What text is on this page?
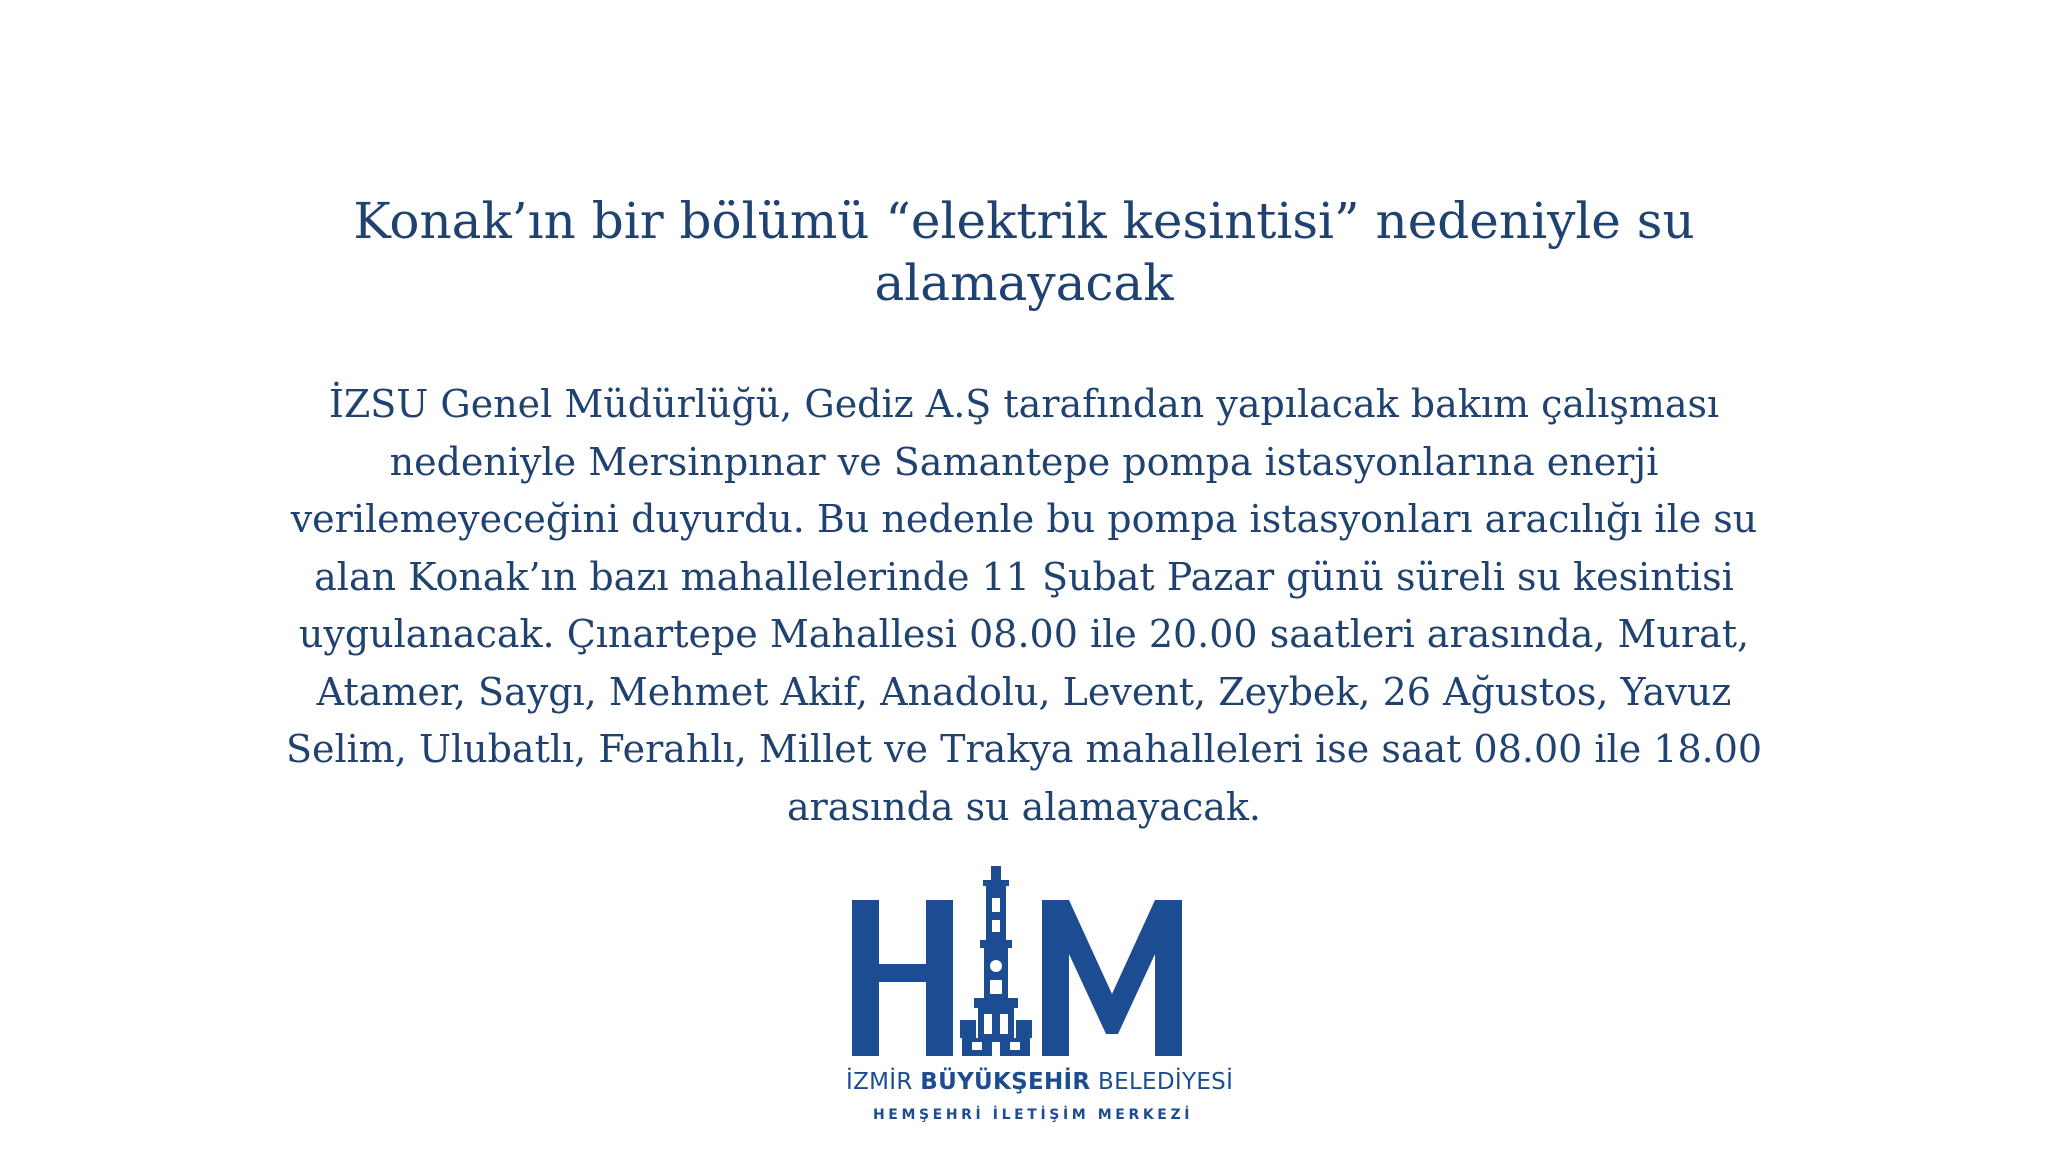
Konak’ın bir bölümü “elektrik kesintisi” nedeniyle su alamayacak

İZSU Genel Müdürlüğü, Gediz A.Ş tarafından yapılacak bakım çalışması nedeniyle Mersinpınar ve Samantepe pompa istasyonlarına enerji verilemeyeceğini duyurdu. Bu nedenle bu pompa istasyonları aracılığı ile su alan Konak’ın bazı mahallelerinde 11 Şubat Pazar günü süreli su kesintisi uygulanacak. Çınartepe Mahallesi 08.00 ile 20.00 saatleri arasında, Murat, Atamer, Saygı, Mehmet Akif, Anadolu, Levent, Zeybek, 26 Ağustos, Yavuz Selim, Ulubatlı, Ferahlı, Millet ve Trakya mahalleleri ise saat 08.00 ile 18.00 arasında su alamayacak.

İZMİR BÜYÜKŞEHİR BELEDİYESİ
HEMŞEHRİ İLETİŞİM MERKEZİ
